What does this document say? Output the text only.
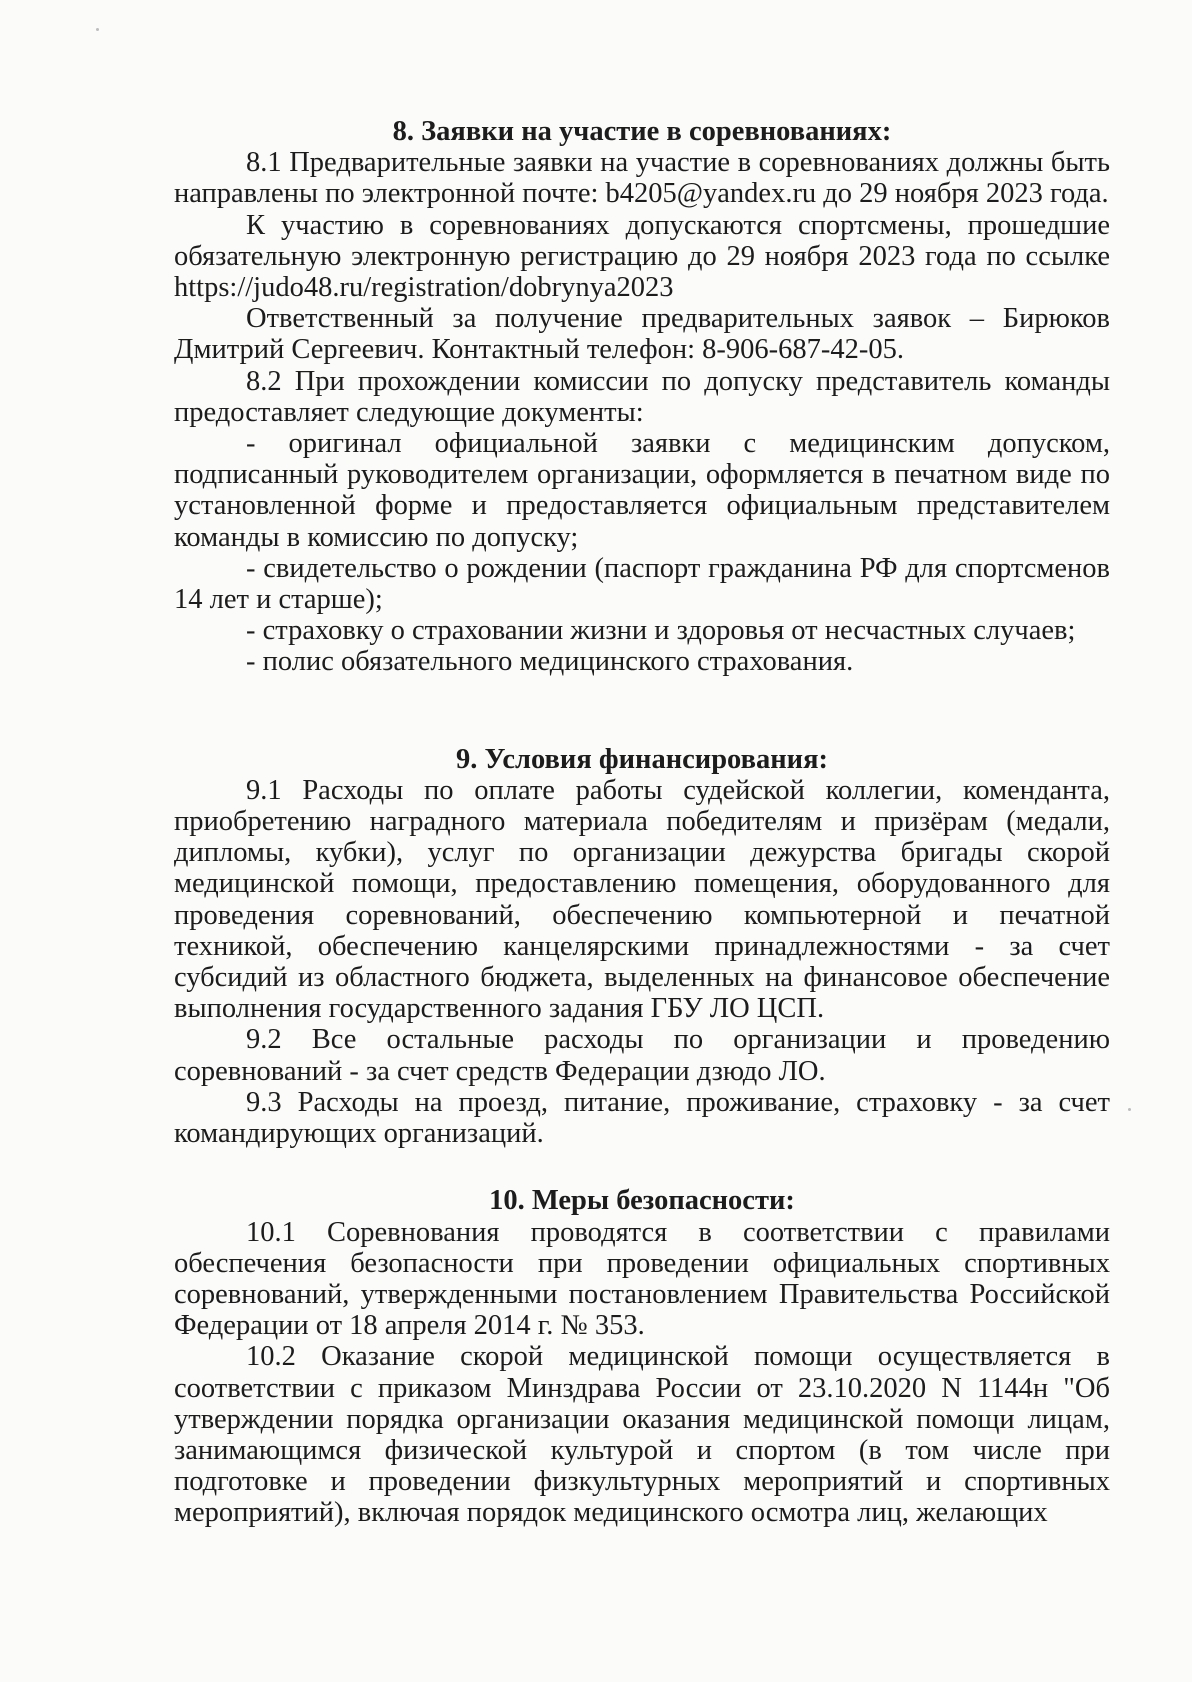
8. Заявки на участие в соревнованиях:

8.1 Предварительные заявки на участие в соревнованиях должны быть направлены по электронной почте: b4205@yandex.ru до 29 ноября 2023 года.

К участию в соревнованиях допускаются спортсмены, прошедшие обязательную электронную регистрацию до 29 ноября 2023 года по ссылке https://judo48.ru/registration/dobrynya2023

Ответственный за получение предварительных заявок – Бирюков Дмитрий Сергеевич. Контактный телефон: 8-906-687-42-05.

8.2 При прохождении комиссии по допуску представитель команды предоставляет следующие документы:

- оригинал официальной заявки с медицинским допуском, подписанный руководителем организации, оформляется в печатном виде по установленной форме и предоставляется официальным представителем команды в комиссию по допуску;

- свидетельство о рождении (паспорт гражданина РФ для спортсменов 14 лет и старше);

- страховку о страховании жизни и здоровья от несчастных случаев;

- полис обязательного медицинского страхования.

9. Условия финансирования:

9.1 Расходы по оплате работы судейской коллегии, коменданта, приобретению наградного материала победителям и призёрам (медали, дипломы, кубки), услуг по организации дежурства бригады скорой медицинской помощи, предоставлению помещения, оборудованного для проведения соревнований, обеспечению компьютерной и печатной техникой, обеспечению канцелярскими принадлежностями - за счет субсидий из областного бюджета, выделенных на финансовое обеспечение выполнения государственного задания ГБУ ЛО ЦСП.

9.2 Все остальные расходы по организации и проведению соревнований - за счет средств Федерации дзюдо ЛО.

9.3 Расходы на проезд, питание, проживание, страховку - за счет командирующих организаций.

10. Меры безопасности:

10.1 Соревнования проводятся в соответствии с правилами обеспечения безопасности при проведении официальных спортивных соревнований, утвержденными постановлением Правительства Российской Федерации от 18 апреля 2014 г. № 353.

10.2 Оказание скорой медицинской помощи осуществляется в соответствии с приказом Минздрава России от 23.10.2020 N 1144н "Об утверждении порядка организации оказания медицинской помощи лицам, занимающимся физической культурой и спортом (в том числе при подготовке и проведении физкультурных мероприятий и спортивных мероприятий), включая порядок медицинского осмотра лиц, желающих
